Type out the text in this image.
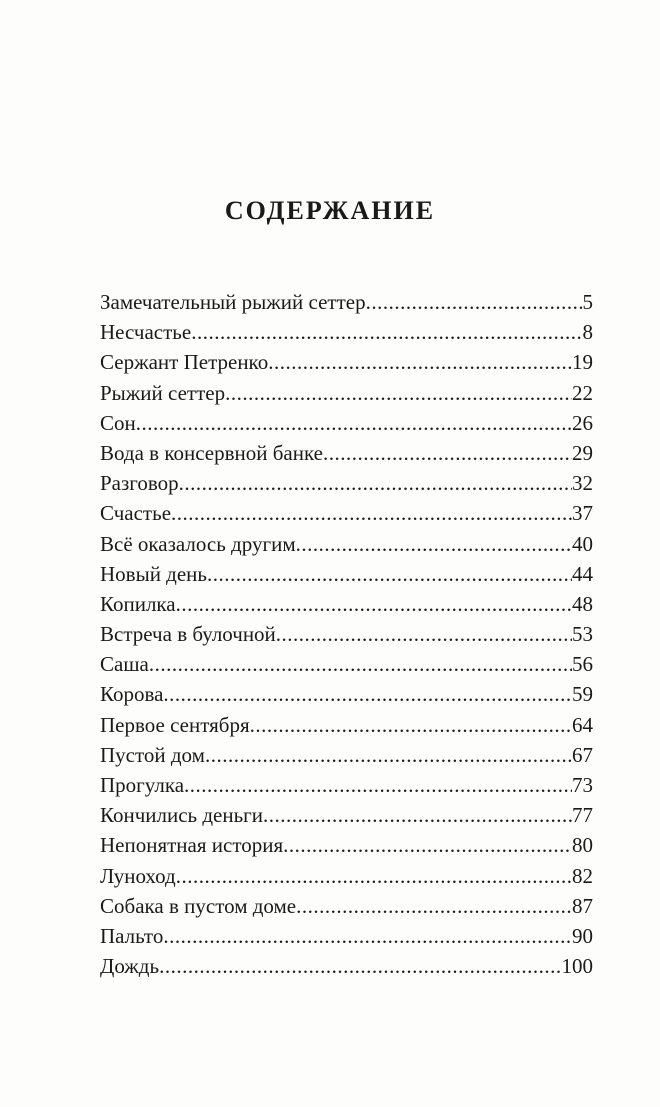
СОДЕРЖАНИЕ
Замечательный рыжий сеттер .....	5
Несчастье .....	8
Сержант Петренко .....	19
Рыжий сеттер .....	22
Сон .....	26
Вода в консервной банке .....	29
Разговор .....	32
Счастье .....	37
Всё оказалось другим .....	40
Новый день .....	44
Копилка .....	48
Встреча в булочной .....	53
Саша .....	56
Корова .....	59
Первое сентября .....	64
Пустой дом .....	67
Прогулка .....	73
Кончились деньги .....	77
Непонятная история .....	80
Луноход .....	82
Собака в пустом доме .....	87
Пальто .....	90
Дождь .....	100
